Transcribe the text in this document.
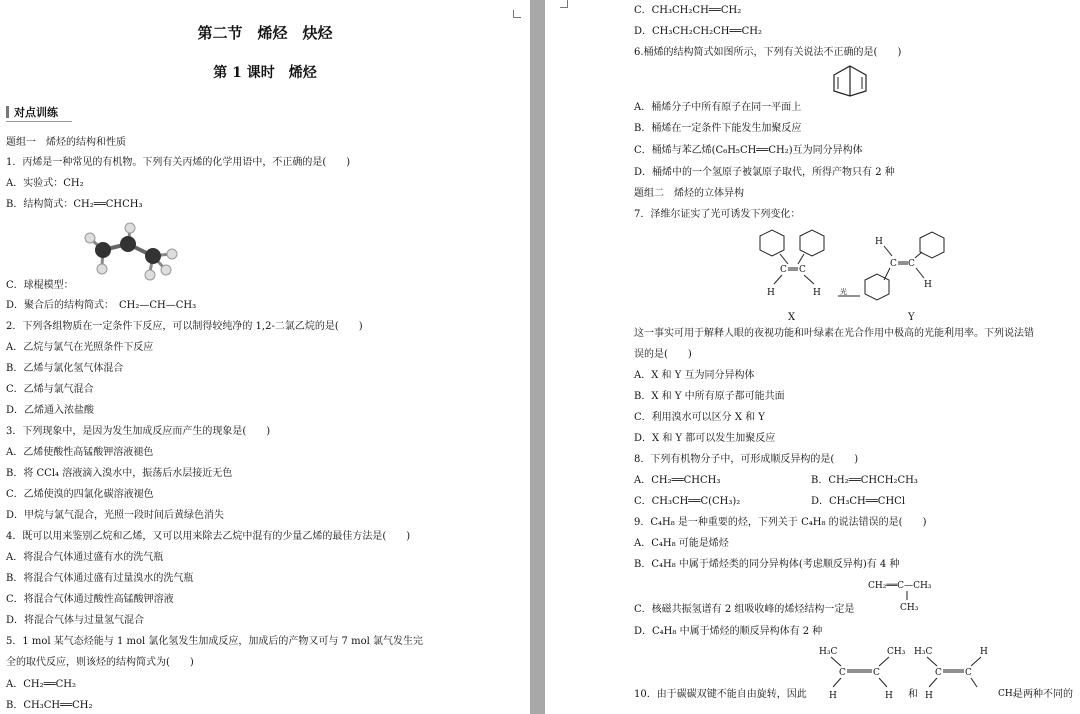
第二节　烯烃　炔烃
第 1 课时　烯烃
对点训练
题组一　烯烃的结构和性质
1．丙烯是一种常见的有机物。下列有关丙烯的化学用语中，不正确的是(　　)
A．实验式：CH₂
B．结构简式：CH₂══CHCH₃
C．球棍模型：
D．聚合后的结构简式：　CH₂—CH—CH₃
2．下列各组物质在一定条件下反应，可以制得较纯净的 1,2-二氯乙烷的是(　　)
A．乙烷与氯气在光照条件下反应
B．乙烯与氯化氢气体混合
C．乙烯与氯气混合
D．乙烯通入浓盐酸
3．下列现象中，是因为发生加成反应而产生的现象是(　　)
A．乙烯使酸性高锰酸钾溶液褪色
B．将 CCl₄ 溶液滴入溴水中，振荡后水层接近无色
C．乙烯使溴的四氯化碳溶液褪色
D．甲烷与氯气混合，光照一段时间后黄绿色消失
4．既可以用来鉴别乙烷和乙烯，又可以用来除去乙烷中混有的少量乙烯的最佳方法是(　　)
A．将混合气体通过盛有水的洗气瓶
B．将混合气体通过盛有过量溴水的洗气瓶
C．将混合气体通过酸性高锰酸钾溶液
D．将混合气体与过量氢气混合
5．1 mol 某气态烃能与 1 mol 氯化氢发生加成反应，加成后的产物又可与 7 mol 氯气发生完
全的取代反应，则该烃的结构简式为(　　)
A．CH₂══CH₂
B．CH₃CH══CH₂
C．CH₃CH₂CH══CH₂
D．CH₃CH₂CH₂CH══CH₂
6.桶烯的结构简式如图所示，下列有关说法不正确的是(　　)
A．桶烯分子中所有原子在同一平面上
B．桶烯在一定条件下能发生加聚反应
C．桶烯与苯乙烯(C₆H₅CH══CH₂)互为同分异构体
D．桶烯中的一个氢原子被氯原子取代，所得产物只有 2 种
题组二　烯烃的立体异构
7．泽维尔证实了光可诱发下列变化：
C C
H	H	光
H
C C
H
X	Y
这一事实可用于解释人眼的夜视功能和叶绿素在光合作用中极高的光能利用率。下列说法错
误的是(　　)
A．X 和 Y 互为同分异构体
B．X 和 Y 中所有原子都可能共面
C．利用溴水可以区分 X 和 Y
D．X 和 Y 都可以发生加聚反应
8．下列有机物分子中，可形成顺反异构的是(　　)
A．CH₂══CHCH₃	B．CH₂══CHCH₂CH₃
C．CH₃CH══C(CH₃)₂	D．CH₃CH══CHCl
9．C₄H₈ 是一种重要的烃，下列关于 C₄H₈ 的说法错误的是(　　)
A．C₄H₈ 可能是烯烃
B．C₄H₈ 中属于烯烃类的同分异构体(考虑顺反异构)有 4 种
CH₂══C—CH₃
CH₃
C．核磁共振氢谱有 2 组吸收峰的烯烃结构一定是
D．C₄H₈ 中属于烯烃的顺反异构体有 2 种
H₃C	CH₃
C	C
H	H
H₃C	H
C	C
H
10．由于碳碳双键不能自由旋转，因此	和	CH₃
是两种不同的
